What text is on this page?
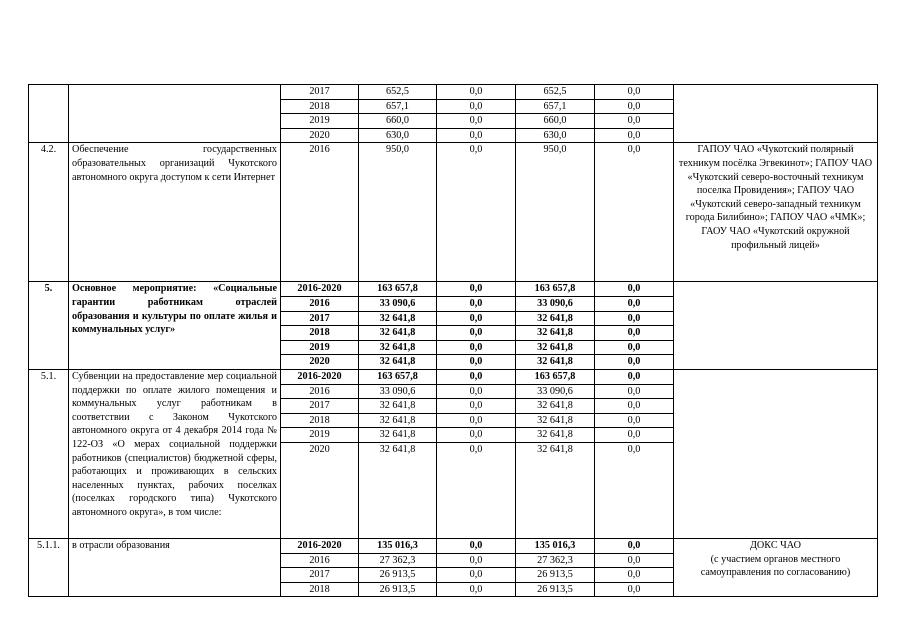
		2017	652,5	0,0	652,5	0,0	
		2018	657,1	0,0	657,1	0,0	
		2019	660,0	0,0	660,0	0,0	
		2020	630,0	0,0	630,0	0,0	
4.2.	Обеспечение государственных образовательных организаций Чукотского автономного округа доступом к сети Интернет	2016	950,0	0,0	950,0	0,0	ГАПОУ ЧАО «Чукотский полярный техникум посёлка Эгвекинот»; ГАПОУ ЧАО «Чукотский северо-восточный техникум поселка Провидения»; ГАПОУ ЧАО «Чукотский северо-западный техникум города Билибино»; ГАПОУ ЧАО «ЧМК»; ГАОУ ЧАО «Чукотский окружной профильный лицей»
5.	Основное мероприятие: «Социальные гарантии работникам отраслей образования и культуры по оплате жилья и коммунальных услуг»	2016-2020	163 657,8	0,0	163 657,8	0,0	
		2016	33 090,6	0,0	33 090,6	0,0	
		2017	32 641,8	0,0	32 641,8	0,0	
		2018	32 641,8	0,0	32 641,8	0,0	
		2019	32 641,8	0,0	32 641,8	0,0	
		2020	32 641,8	0,0	32 641,8	0,0	
5.1.	Субвенции на предоставление мер социальной поддержки по оплате жилого помещения и коммунальных услуг работникам в соответствии с Законом Чукотского автономного округа от 4 декабря 2014 года № 122-ОЗ «О мерах социальной поддержки работников (специалистов) бюджетной сферы, работающих и проживающих в сельских населенных пунктах, рабочих поселках (поселках городского типа) Чукотского автономного округа», в том числе:	2016-2020	163 657,8	0,0	163 657,8	0,0	
		2016	33 090,6	0,0	33 090,6	0,0	
		2017	32 641,8	0,0	32 641,8	0,0	
		2018	32 641,8	0,0	32 641,8	0,0	
		2019	32 641,8	0,0	32 641,8	0,0	
		2020	32 641,8	0,0	32 641,8	0,0	
5.1.1.	в отрасли образования	2016-2020	135 016,3	0,0	135 016,3	0,0	ДОКС ЧАО
(с участием органов местного самоуправления по согласованию)
		2016	27 362,3	0,0	27 362,3	0,0	
		2017	26 913,5	0,0	26 913,5	0,0	
		2018	26 913,5	0,0	26 913,5	0,0	
